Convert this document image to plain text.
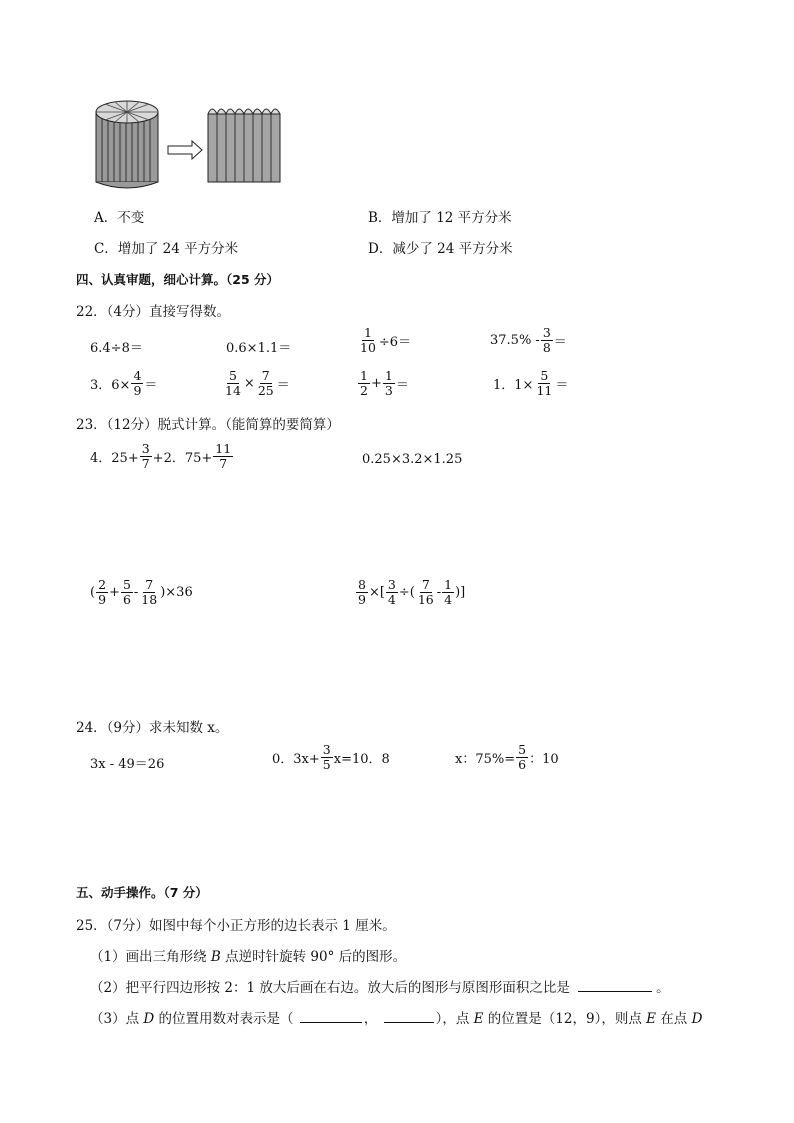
A．不变	B．增加了 12 平方分米
C．增加了 24 平方分米	D．减少了 24 平方分米
四、认真审题，细心计算。（25 分）
22．（4分）直接写得数。
6.4÷8＝	0.6×1.1＝	$\frac{1}{10} \div 6=$	$37.5\% - \frac{3}{8}$ ＝
3．$6\times \frac{4}{9}$ ＝	$\frac{5}{14} \times \frac{7}{25}$ ＝	$\frac{1}{2} + \frac{1}{3}$ ＝	1．$1\times \frac{5}{11}$ ＝
23．（12分）脱式计算。（能简算的要简算）
4．$25+ \frac{3}{7} +2$．$75+ \frac{11}{7}$	0.25×3.2×1.25
( $\frac{2}{9} + \frac{5}{6} - \frac{7}{18} )\times 36$	$\frac{8}{9}$ ×[ $\frac{3}{4}$ ÷( $\frac{7}{16} - \frac{1}{4}$ )]
24．（9分）求未知数 x。
3x - 49＝26	0．$3x+ \frac{3}{5} x=10$．8	x：$75\%= \frac{5}{6}$ ：10
五、动手操作。（7 分）
25．（7分）如图中每个小正方形的边长表示 1 厘米。
（1）画出三角形绕 B 点逆时针旋转 90° 后的图形。
（2）把平行四边形按 2：1 放大后画在右边。放大后的图形与原图形面积之比是	。
（3）点 D 的位置用数对表示是（	，	），点 E 的位置是（12，9），则点 E 在点 D
